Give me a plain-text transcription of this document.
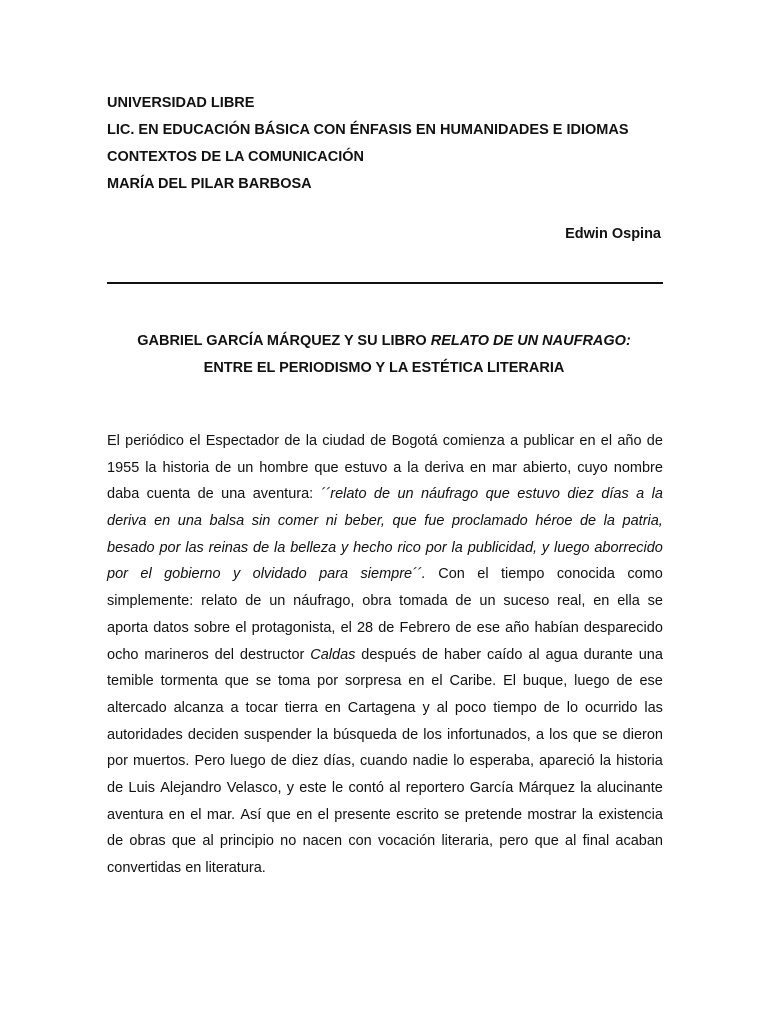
UNIVERSIDAD LIBRE
LIC. EN EDUCACIÓN BÁSICA CON ÉNFASIS EN HUMANIDADES E IDIOMAS
CONTEXTOS DE LA COMUNICACIÓN
MARÍA DEL PILAR BARBOSA
Edwin Ospina
GABRIEL GARCÍA MÁRQUEZ Y SU LIBRO RELATO DE UN NAUFRAGO:
ENTRE EL PERIODISMO Y LA ESTÉTICA LITERARIA
El periódico el Espectador de la ciudad de Bogotá comienza a publicar en el año de
1955 la historia de un hombre que estuvo a la deriva en mar abierto, cuyo nombre
daba cuenta de una aventura: ´´relato de un náufrago que estuvo diez días a la
deriva en una balsa sin comer ni beber, que fue proclamado héroe de la patria,
besado por las reinas de la belleza y hecho rico por la publicidad, y luego aborrecido
por el gobierno y olvidado para siempre´´. Con el tiempo conocida como
simplemente: relato de un náufrago, obra tomada de un suceso real, en ella se
aporta datos sobre el protagonista, el 28 de Febrero de ese año habían desparecido
ocho marineros del destructor Caldas después de haber caído al agua durante una
temible tormenta que se toma por sorpresa en el Caribe. El buque, luego de ese
altercado alcanza a tocar tierra en Cartagena y al poco tiempo de lo ocurrido las
autoridades deciden suspender la búsqueda de los infortunados, a los que se dieron
por muertos. Pero luego de diez días, cuando nadie lo esperaba, apareció la historia
de Luis Alejandro Velasco, y este le contó al reportero García Márquez la alucinante
aventura en el mar. Así que en el presente escrito se pretende mostrar la existencia
de obras que al principio no nacen con vocación literaria, pero que al final acaban
convertidas
en
literatura.
